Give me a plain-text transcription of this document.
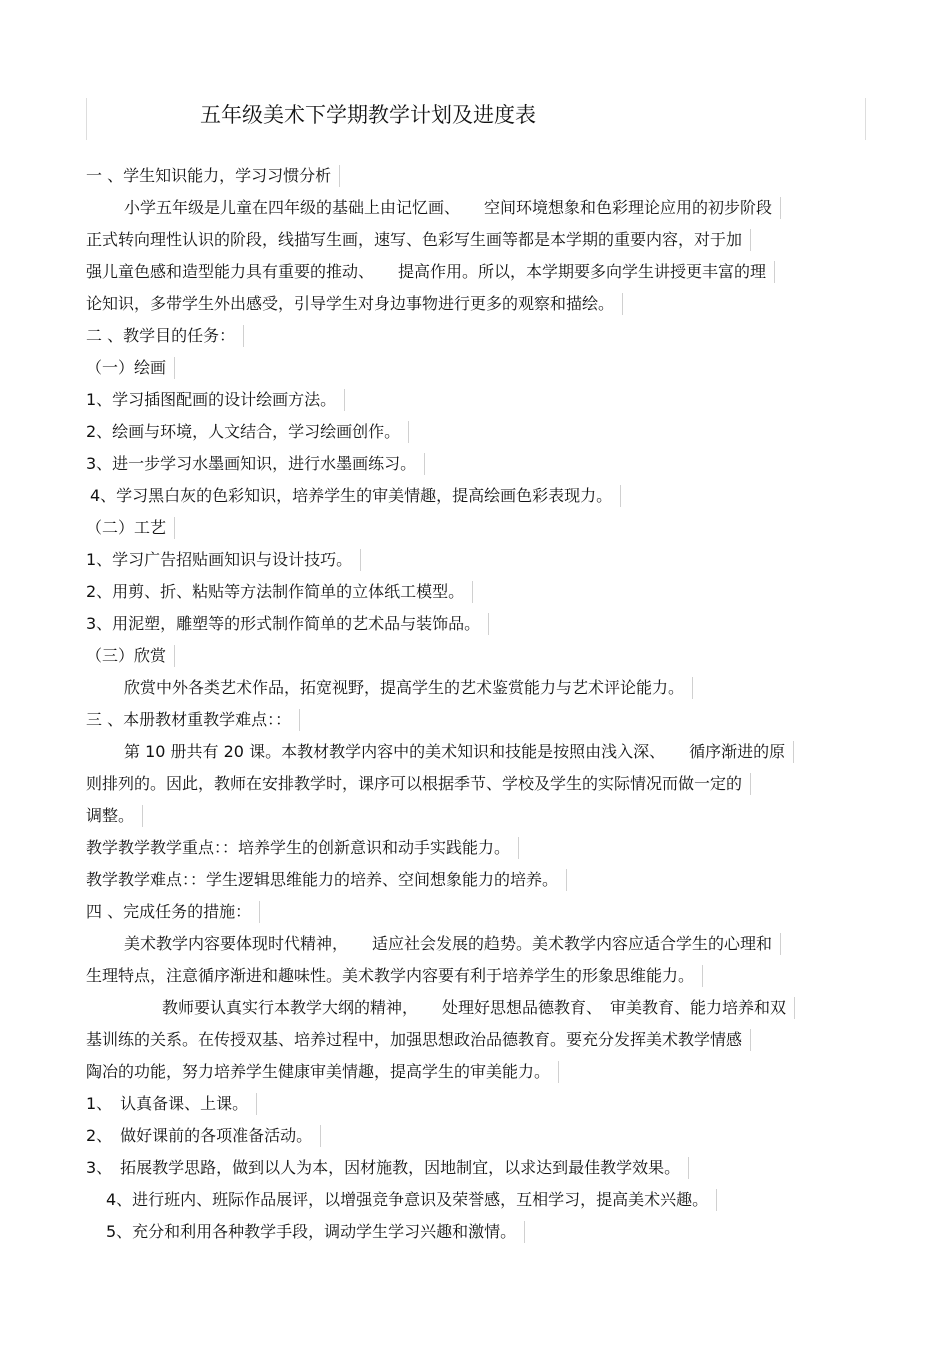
五年级美术下学期教学计划及进度表
一 、学生知识能力，学习习惯分析
小学五年级是儿童在四年级的基础上由记忆画、　　空间环境想象和色彩理论应用的初步阶段
正式转向理性认识的阶段，线描写生画，速写、色彩写生画等都是本学期的重要内容，对于加
强儿童色感和造型能力具有重要的推动、　　提高作用。所以，本学期要多向学生讲授更丰富的理
论知识，多带学生外出感受，引导学生对身边事物进行更多的观察和描绘。
二 、教学目的任务：
（一）绘画
1、学习插图配画的设计绘画方法。
2、绘画与环境，人文结合，学习绘画创作。
3、进一步学习水墨画知识，进行水墨画练习。
4、学习黑白灰的色彩知识，培养学生的审美情趣，提高绘画色彩表现力。
（二）工艺
1、学习广告招贴画知识与设计技巧。
2、用剪、折、粘贴等方法制作简单的立体纸工模型。
3、用泥塑，雕塑等的形式制作简单的艺术品与装饰品。
（三）欣赏
欣赏中外各类艺术作品，拓宽视野，提高学生的艺术鉴赏能力与艺术评论能力。
三 、本册教材重教学难点：：
第 10 册共有 20 课。本教材教学内容中的美术知识和技能是按照由浅入深、　　循序渐进的原
则排列的。因此，教师在安排教学时，课序可以根据季节、学校及学生的实际情况而做一定的
调整。
教学教学教学重点：：培养学生的创新意识和动手实践能力。
教学教学难点：：学生逻辑思维能力的培养、空间想象能力的培养。
四 、完成任务的措施：
美术教学内容要体现时代精神，　　适应社会发展的趋势。美术教学内容应适合学生的心理和
生理特点，注意循序渐进和趣味性。美术教学内容要有利于培养学生的形象思维能力。
教师要认真实行本教学大纲的精神，　　处理好思想品德教育、　审美教育、能力培养和双
基训练的关系。在传授双基、培养过程中，加强思想政治品德教育。要充分发挥美术教学情感
陶冶的功能，努力培养学生健康审美情趣，提高学生的审美能力。
1、　认真备课、上课。
2、　做好课前的各项准备活动。
3、　拓展教学思路，做到以人为本，因材施教，因地制宜，以求达到最佳教学效果。
4、进行班内、班际作品展评，以增强竞争意识及荣誉感，互相学习，提高美术兴趣。
5、充分和利用各种教学手段，调动学生学习兴趣和激情。
